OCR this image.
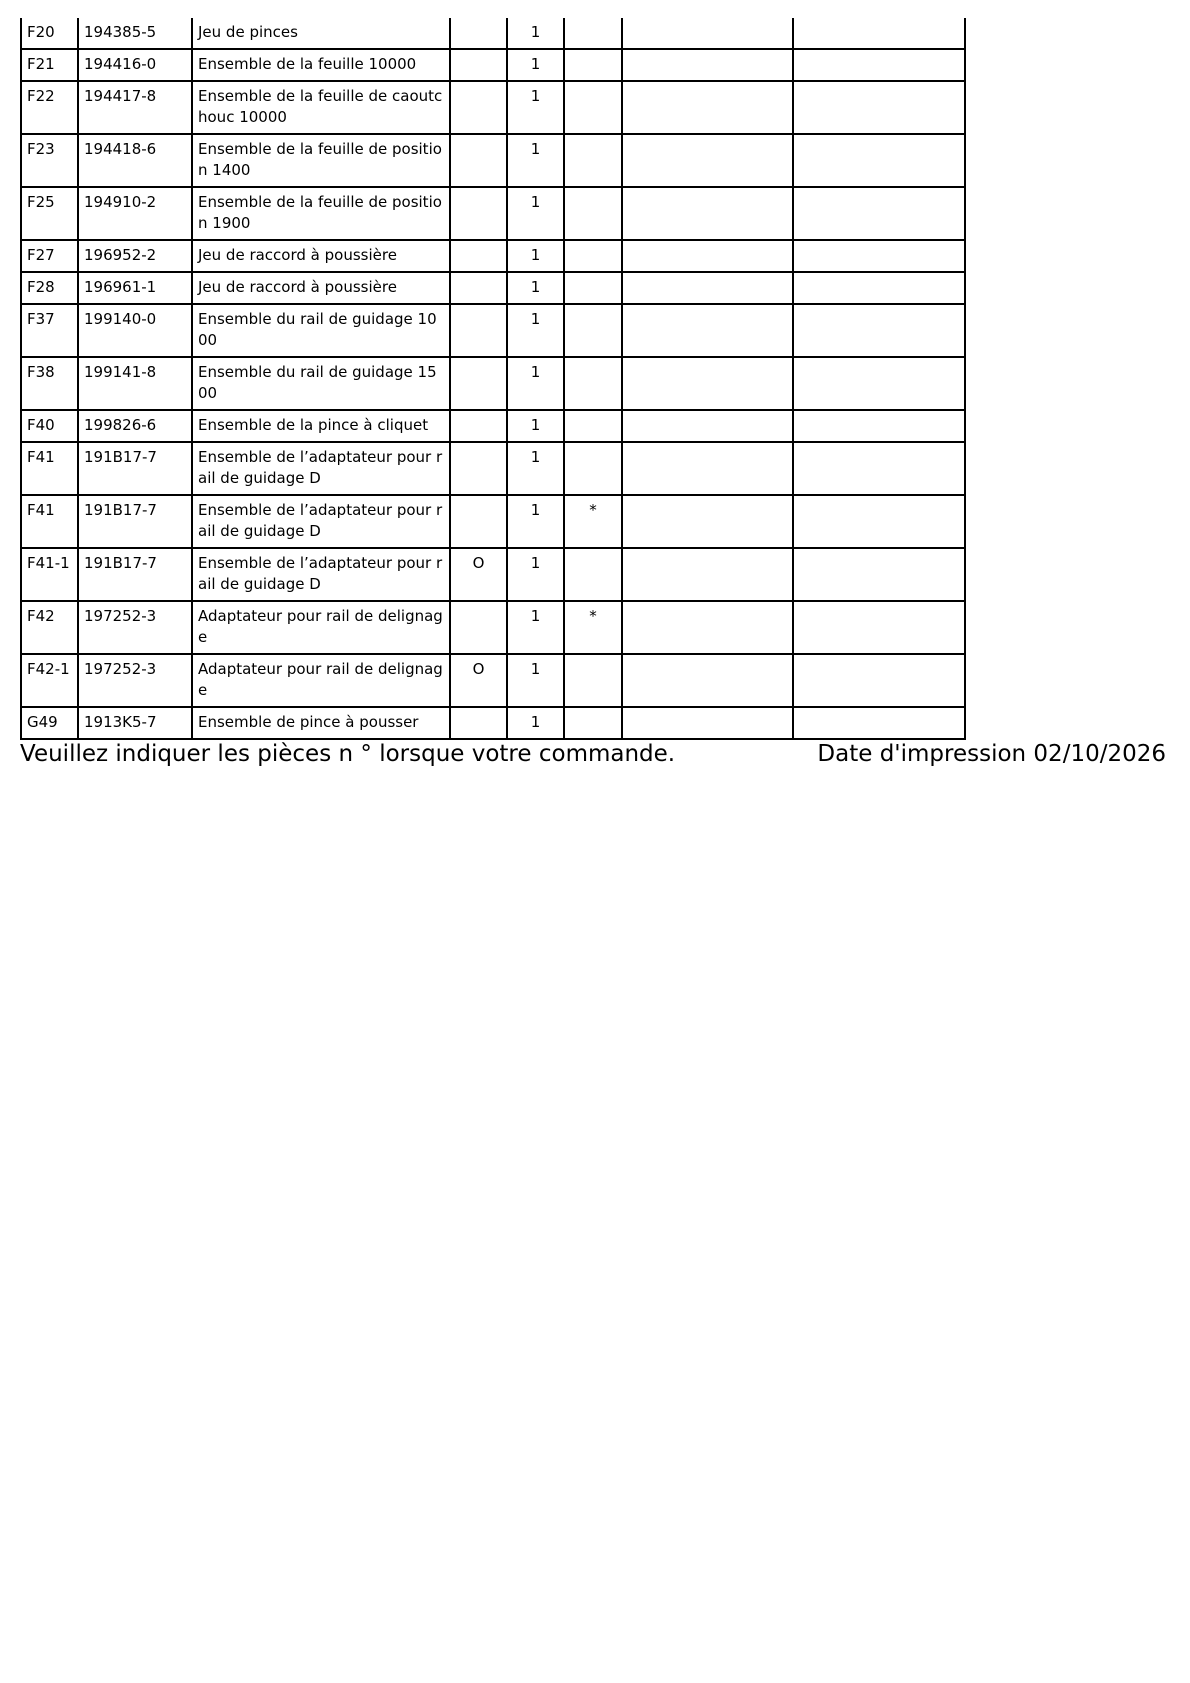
F20	194385-5	Jeu de pinces		1			
F21	194416-0	Ensemble de la feuille 10000		1			
F22	194417-8	Ensemble de la feuille de caoutchouc 10000		1			
F23	194418-6	Ensemble de la feuille de position 1400		1			
F25	194910-2	Ensemble de la feuille de position 1900		1			
F27	196952-2	Jeu de raccord à poussière		1			
F28	196961-1	Jeu de raccord à poussière		1			
F37	199140-0	Ensemble du rail de guidage 1000		1			
F38	199141-8	Ensemble du rail de guidage 1500		1			
F40	199826-6	Ensemble de la pince à cliquet		1			
F41	191B17-7	Ensemble de l’adaptateur pour rail de guidage D		1			
F41	191B17-7	Ensemble de l’adaptateur pour rail de guidage D		1	*		
F41-1	191B17-7	Ensemble de l’adaptateur pour rail de guidage D	O	1			
F42	197252-3	Adaptateur pour rail de delignage		1	*		
F42-1	197252-3	Adaptateur pour rail de delignage	O	1			
G49	1913K5-7	Ensemble de pince à pousser		1			
Veuillez indiquer les pièces n ° lorsque votre commande.	Date d'impression 02/10/2026
